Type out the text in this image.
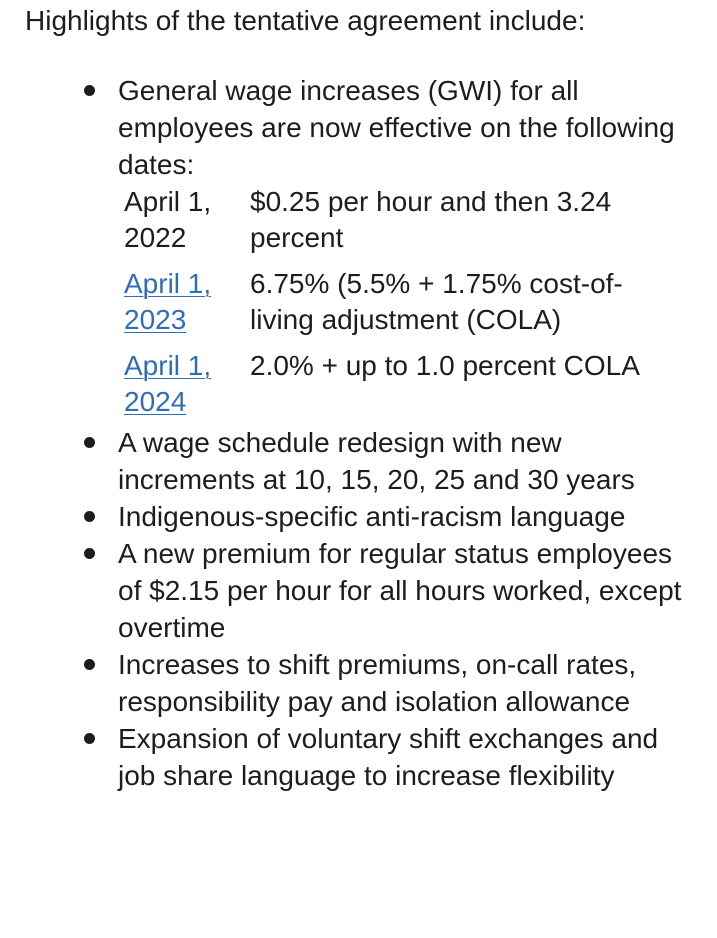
Highlights of the tentative agreement include:
General wage increases (GWI) for all employees are now effective on the following dates:
April 1,
2022
$0.25 per hour and then 3.24 percent
April 1,
2023
6.75% (5.5% + 1.75% cost-of-living adjustment (COLA)
April 1,
2024
2.0% + up to 1.0 percent COLA
A wage schedule redesign with new increments at 10, 15, 20, 25 and 30 years
Indigenous-specific anti-racism language
A new premium for regular status employees of $2.15 per hour for all hours worked, except overtime
Increases to shift premiums, on-call rates, responsibility pay and isolation allowance
Expansion of voluntary shift exchanges and job share language to increase flexibility
